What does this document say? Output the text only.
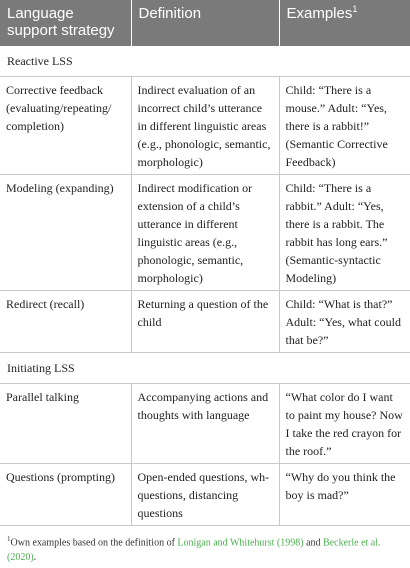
Language support strategy	Definition	Examples$^1$
Reactive LSS		
Corrective feedback (evaluating/repeating/ completion)	Indirect evaluation of an incorrect child’s utterance in different linguistic areas (e.g., phonologic, semantic, morphologic)	Child: “There is a mouse.” Adult: “Yes, there is a rabbit!” (Semantic Corrective Feedback)
Modeling (expanding)	Indirect modification or extension of a child’s utterance in different linguistic areas (e.g., phonologic, semantic, morphologic)	Child: “There is a rabbit.” Adult: “Yes, there is a rabbit. The rabbit has long ears.” (Semantic-syntactic Modeling)
Redirect (recall)	Returning a question of the child	Child: “What is that?” Adult: “Yes, what could that be?”
Initiating LSS		
Parallel talking	Accompanying actions and thoughts with language	“What color do I want to paint my house? Now I take the red crayon for the roof.”
Questions (prompting)	Open-ended questions, wh-questions, distancing questions	“Why do you think the boy is mad?”
$^1$Own examples based on the definition of Lonigan and Whitehurst (1998) and Beckerle et al. (2020).
